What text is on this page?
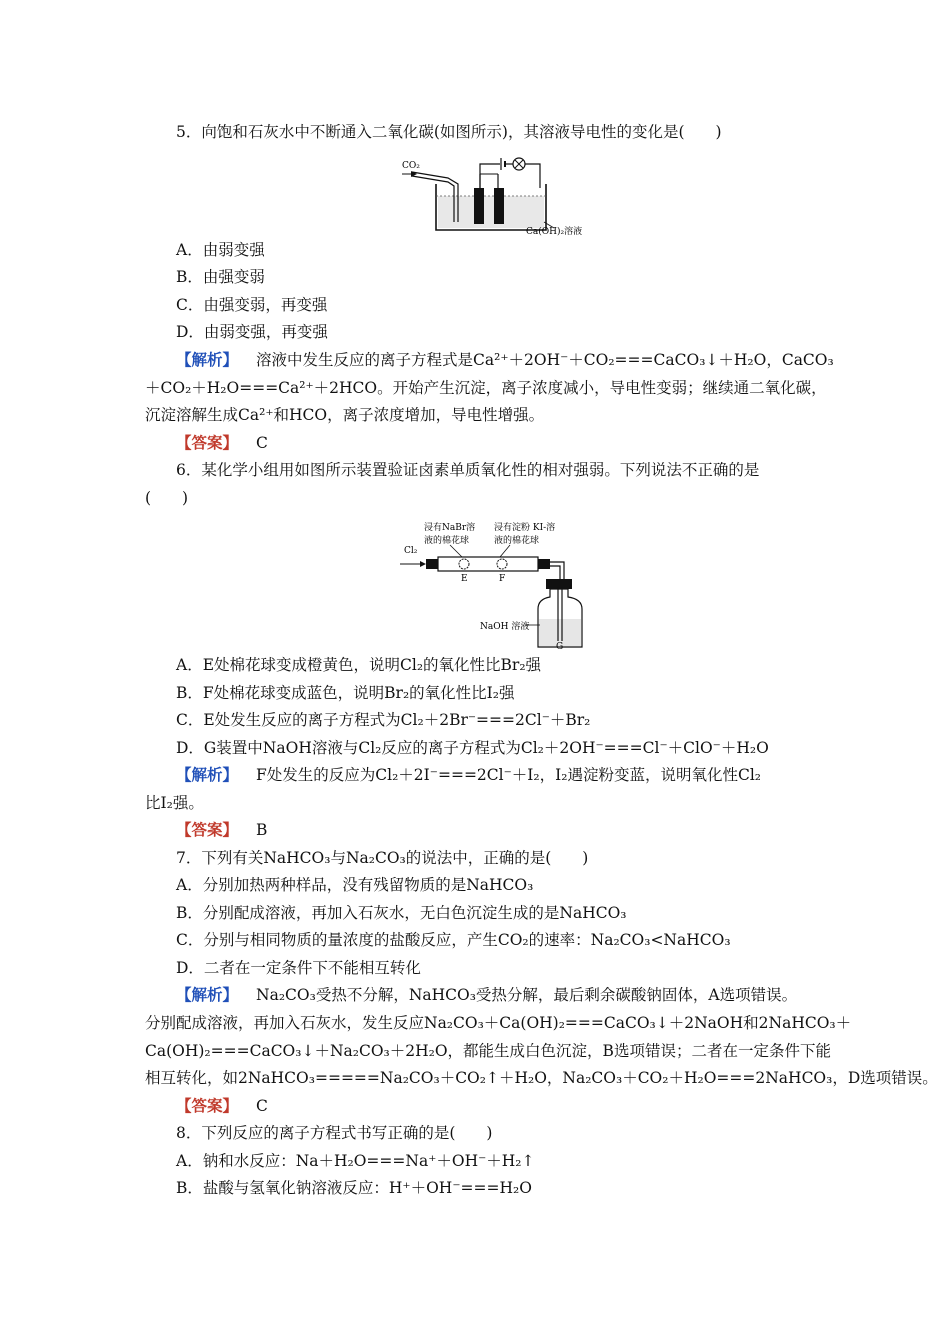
5．向饱和石灰水中不断通入二氧化碳(如图所示)，其溶液导电性的变化是(　　)
CO₂
Ca(OH)₂溶液
A．由弱变强
B．由强变弱
C．由强变弱，再变强
D．由弱变强，再变强
【解析】 溶液中发生反应的离子方程式是Ca²⁺＋2OH⁻＋CO₂===CaCO₃↓＋H₂O，CaCO₃
＋CO₂＋H₂O===Ca²⁺＋2HCO。开始产生沉淀，离子浓度减小，导电性变弱；继续通二氧化碳，
沉淀溶解生成Ca²⁺和HCO，离子浓度增加，导电性增强。
【答案】 C
6．某化学小组用如图所示装置验证卤素单质氧化性的相对强弱。下列说法不正确的是
(　　)
浸有NaBr溶
液的棉花球
浸有淀粉 KI-溶
液的棉花球
Cl₂
E	F
NaOH 溶液
G
A．E处棉花球变成橙黄色，说明Cl₂的氧化性比Br₂强
B．F处棉花球变成蓝色，说明Br₂的氧化性比I₂强
C．E处发生反应的离子方程式为Cl₂＋2Br⁻===2Cl⁻＋Br₂
D．G装置中NaOH溶液与Cl₂反应的离子方程式为Cl₂＋2OH⁻===Cl⁻＋ClO⁻＋H₂O
【解析】 F处发生的反应为Cl₂＋2I⁻===2Cl⁻＋I₂，I₂遇淀粉变蓝，说明氧化性Cl₂
比I₂强。
【答案】 B
7．下列有关NaHCO₃与Na₂CO₃的说法中，正确的是(　　)
A．分别加热两种样品，没有残留物质的是NaHCO₃
B．分别配成溶液，再加入石灰水，无白色沉淀生成的是NaHCO₃
C．分别与相同物质的量浓度的盐酸反应，产生CO₂的速率：Na₂CO₃<NaHCO₃
D．二者在一定条件下不能相互转化
【解析】 Na₂CO₃受热不分解，NaHCO₃受热分解，最后剩余碳酸钠固体，A选项错误。
分别配成溶液，再加入石灰水，发生反应Na₂CO₃＋Ca(OH)₂===CaCO₃↓＋2NaOH和2NaHCO₃＋
Ca(OH)₂===CaCO₃↓＋Na₂CO₃＋2H₂O，都能生成白色沉淀，B选项错误；二者在一定条件下能
相互转化，如2NaHCO₃=====Na₂CO₃＋CO₂↑＋H₂O，Na₂CO₃＋CO₂＋H₂O===2NaHCO₃，D选项错误。
【答案】 C
8．下列反应的离子方程式书写正确的是(　　)
A．钠和水反应：Na＋H₂O===Na⁺＋OH⁻＋H₂↑
B．盐酸与氢氧化钠溶液反应：H⁺＋OH⁻===H₂O
